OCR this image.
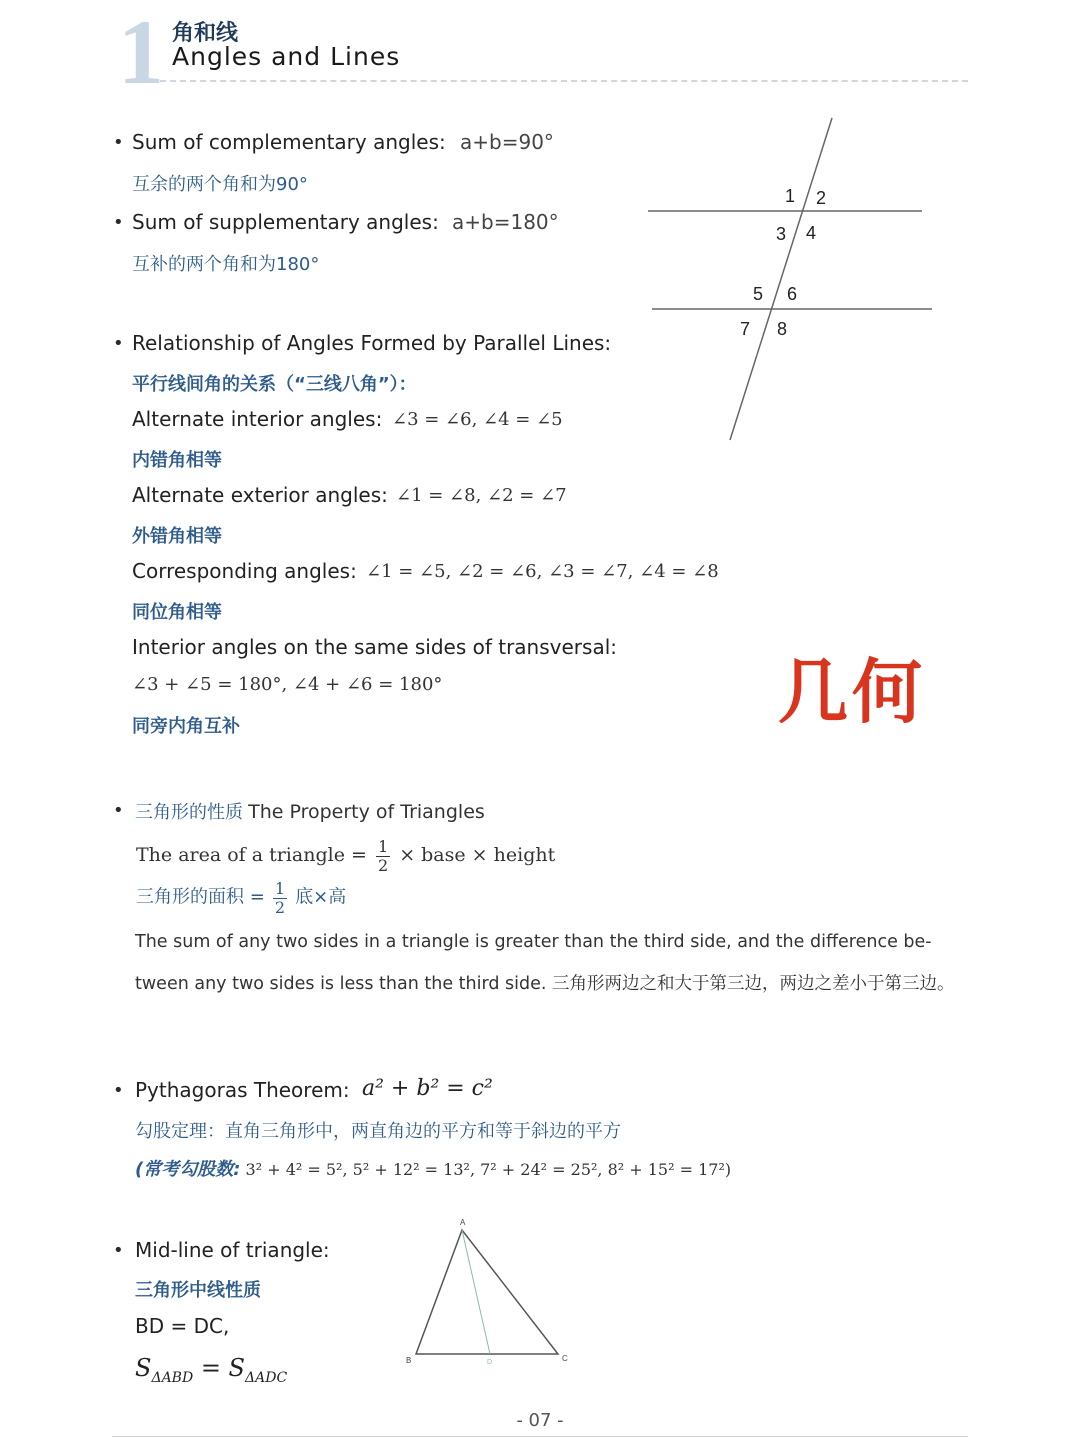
1 角和线
Angles and Lines
• Sum of complementary angles: a+b=90°
互余的两个角和为90°
• Sum of supplementary angles: a+b=180°
互补的两个角和为180°
1 2
3 4
5 6
7 8
• Relationship of Angles Formed by Parallel Lines:
平行线间角的关系（“三线八角”）：
Alternate interior angles: ∠3 = ∠6, ∠4 = ∠5
内错角相等
Alternate exterior angles: ∠1 = ∠8, ∠2 = ∠7
外错角相等
Corresponding angles: ∠1 = ∠5, ∠2 = ∠6, ∠3 = ∠7, ∠4 = ∠8
同位角相等
Interior angles on the same sides of transversal:
∠3 + ∠5 = 180°, ∠4 + ∠6 = 180°
同旁内角互补	几何
• 三角形的性质 The Property of Triangles
The area of a triangle = $\frac{1}{2}$ × base × height
三角形的面积 = $\frac{1}{2}$ 底×高
The sum of any two sides in a triangle is greater than the third side, and the difference be-
tween any two sides is less than the third side. 三角形两边之和大于第三边，两边之差小于第三边。
• Pythagoras Theorem: a² + b² = c²
勾股定理：直角三角形中，两直角边的平方和等于斜边的平方
(常考勾股数: 3² + 4² = 5², 5² + 12² = 13², 7² + 24² = 25², 8² + 15² = 17²)
• Mid-line of triangle:
三角形中线性质
BD = DC,
$S_{\Delta ABD} = S_{\Delta ADC}$
A
B	C
D
- 07 -
